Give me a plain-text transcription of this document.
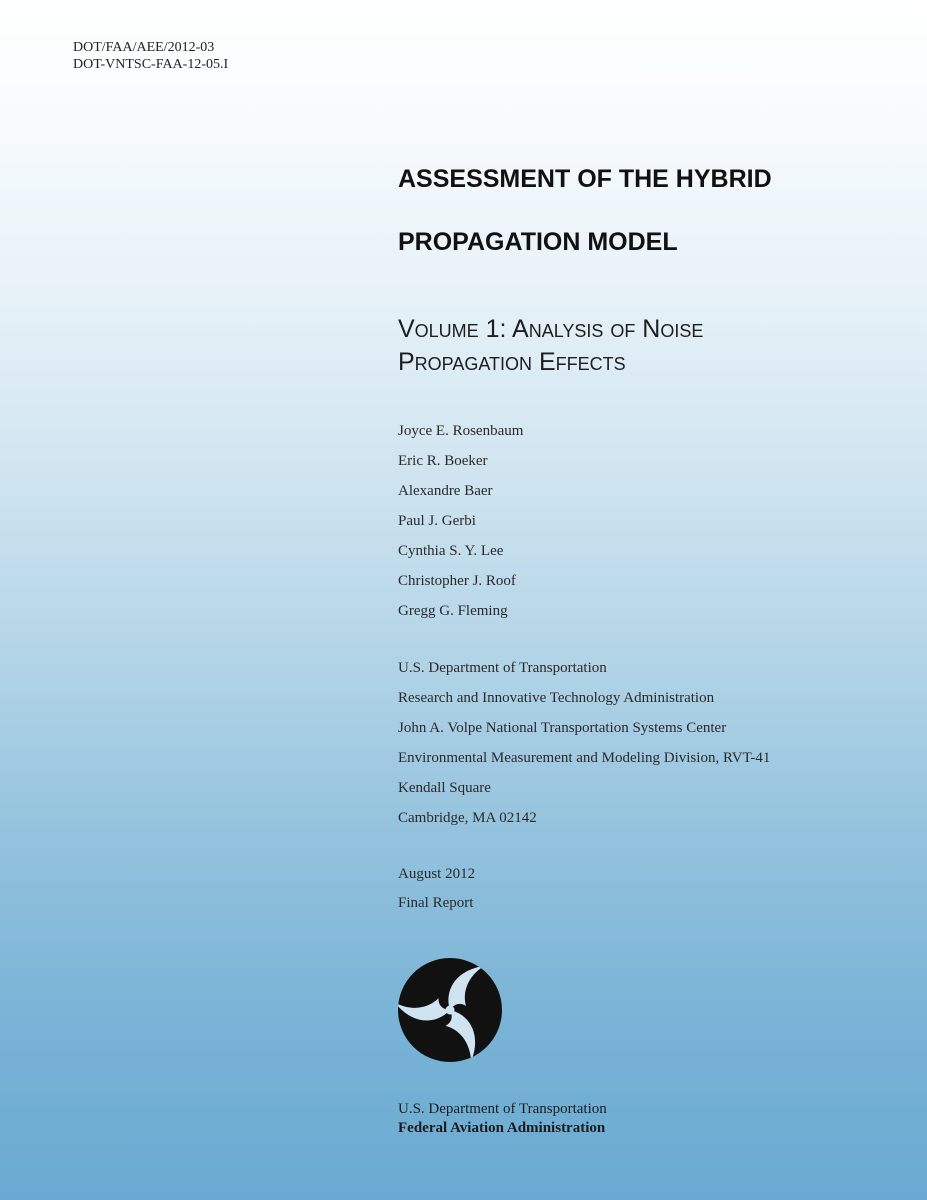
DOT/FAA/AEE/2012-03
DOT-VNTSC-FAA-12-05.I
ASSESSMENT OF THE HYBRID
PROPAGATION MODEL
Volume 1: Analysis of Noise
Propagation Effects
Joyce E. Rosenbaum
Eric R. Boeker
Alexandre Baer
Paul J. Gerbi
Cynthia S. Y. Lee
Christopher J. Roof
Gregg G. Fleming
U.S. Department of Transportation
Research and Innovative Technology Administration
John A. Volpe National Transportation Systems Center
Environmental Measurement and Modeling Division, RVT-41
Kendall Square
Cambridge, MA 02142
August 2012
Final Report
U.S. Department of Transportation
Federal Aviation Administration
